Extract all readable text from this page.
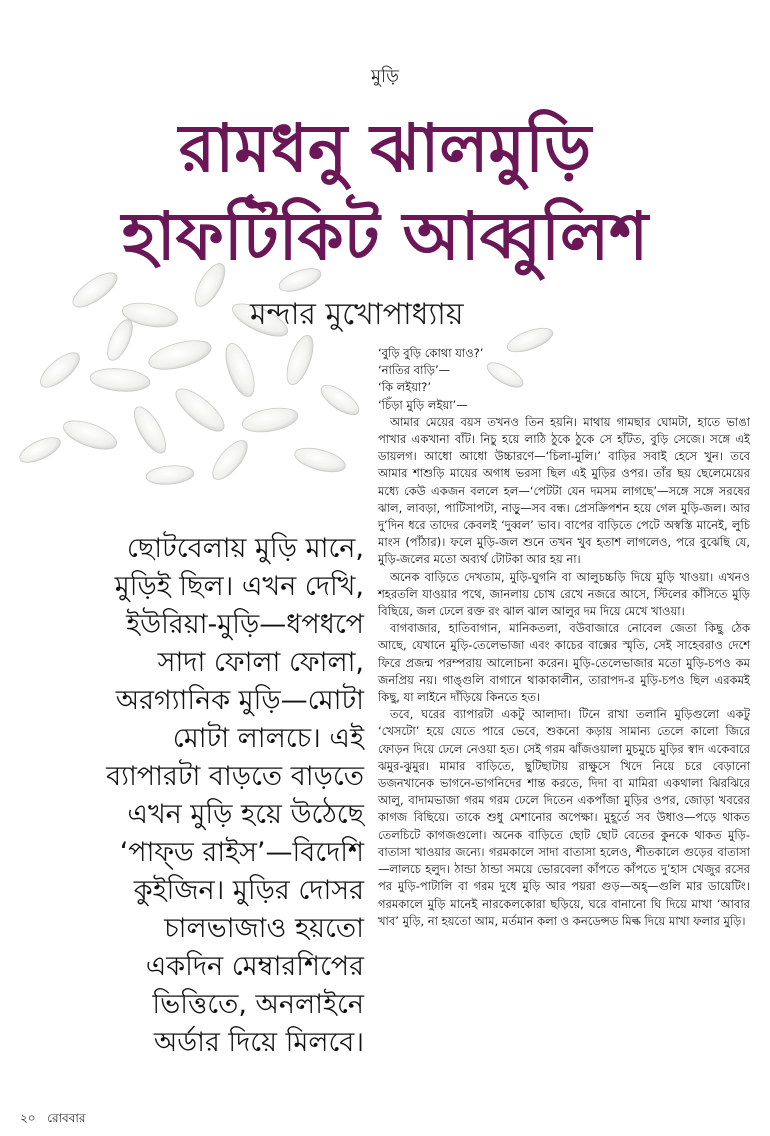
মুড়ি
রামধনু ঝালমুড়ি
হাফটিকিট আব্বুলিশ
মন্দার মুখোপাধ্যায়

ছোটবেলায় মুড়ি মানে,

মুড়িই ছিল। এখন দেখি,

ইউরিয়া-মুড়ি—ধপধপে

সাদা ফোলা ফোলা,

অরগ্যানিক মুড়ি—মোটা

মোটা লালচে। এই

ব্যাপারটা বাড়তে বাড়তে

এখন মুড়ি হয়ে উঠেছে

‘পাফ্ড রাইস’—বিদেশি

কুইজিন। মুড়ির দোসর

চালভাজাও হয়তো

একদিন মেম্বারশিপের

ভিত্তিতে, অনলাইনে

অর্ডার দিয়ে মিলবে।

‘বুড়ি বুড়ি কোথা যাও?’

‘নাতির বাড়ি’—

‘কি লইয়া?’

‘চিঁড়া মুড়ি লইয়া’—

আমার মেয়ের বয়স তখনও তিন হয়নি। মাথায় গামছার ঘোমটা, হাতে ভাঙা পাখার একখানা বাঁট। নিচু হয়ে লাঠি ঠুকে ঠুকে সে হাঁটত, বুড়ি সেজে। সঙ্গে এই ডায়লগ। আধো আধো উচ্চারণে—‘চিলা-মুলি।’ বাড়ির সবাই হেসে খুন। তবে আমার শাশুড়ি মায়ের অগাধ ভরসা ছিল এই মুড়ির ওপর। তাঁর ছয় ছেলেমেয়ের মধ্যে কেউ একজন বললে হল—‘পেটটা যেন দমসম লাগছে’—সঙ্গে সঙ্গে সরষের ঝাল, লাবড়া, পাটিসাপটা, নাড়ু—সব বন্ধ। প্রেসক্রিপশন হয়ে গেল মুড়ি-জল। আর দু’দিন ধরে তাদের কেবলই ‘দুব্বল’ ভাব। বাপের বাড়িতে পেটে অস্বস্তি মানেই, লুচি মাংস (পাঁঠার)। ফলে মুড়ি-জল শুনে তখন খুব হতাশ লাগলেও, পরে বুঝেছি যে, মুড়ি-জলের মতো অব্যর্থ টোটকা আর হয় না।

অনেক বাড়িতে দেখতাম, মুড়ি-ঘুগনি বা আলুচচ্চড়ি দিয়ে মুড়ি খাওয়া। এখনও শহরতলি যাওয়ার পথে, জানলায় চোখ রেখে নজরে আসে, স্টিলের কাঁসিতে মুড়ি বিছিয়ে, জল ঢেলে রক্ত রং ঝাল ঝাল আলুর দম দিয়ে মেখে খাওয়া।

বাগবাজার, হাতিবাগান, মানিকতলা, বউবাজারে নোবেল জেতা কিছু ঠেক আছে, যেখানে মুড়ি-তেলেভাজা এবং কাচের বাক্সের স্মৃতি, সেই সাহেবরাও দেশে ফিরে প্রজন্ম পরম্পরায় আলোচনা করেন। মুড়ি-তেলেভাজার মতো মুড়ি-চপও কম জনপ্রিয় নয়। গাঙ্গুলি বাগানে থাকাকালীন, তারাপদ-র মুড়ি-চপও ছিল এরকমই কিছু, যা লাইনে দাঁড়িয়ে কিনতে হত।

তবে, ঘরের ব্যাপারটা একটু আলাদা। টিনে রাখা তলানি মুড়িগুলো একটু ‘খেসটো’ হয়ে যেতে পারে ভেবে, শুকনো কড়ায় সামান্য তেলে কালো জিরে ফোড়ন দিয়ে ঢেলে নেওয়া হত। সেই গরম ঝাঁজওয়ালা মুচমুচে মুড়ির স্বাদ একেবারে ঝমুর-ঝুমুর। মামার বাড়িতে, ছুটিছাটায় রাক্ষুসে খিদে নিয়ে চরে বেড়ানো ডজনখানেক ভাগনে-ভাগনিদের শান্ত করতে, দিদা বা মামিরা একথালা ঝিরঝিরে আলু, বাদামভাজা গরম গরম ঢেলে দিতেন একপাঁজা মুড়ির ওপর, জোড়া খবরের কাগজ বিছিয়ে। তাকে শুধু মেশানোর অপেক্ষা। মুহূর্তে সব উধাও—পড়ে থাকত তেলচিটে কাগজগুলো। অনেক বাড়িতে ছোট ছোট বেতের কুনকে থাকত মুড়ি-বাতাসা খাওয়ার জন্যে। গরমকালে সাদা বাতাসা হলেও, শীতকালে গুড়ের বাতাসা—লালচে হলুদ। ঠান্ডা ঠান্ডা সময়ে ভোরবেলা কাঁপতে কাঁপতে দু’হাস খেজুর রসের পর মুড়ি-পাটালি বা গরম দুধে মুড়ি আর পয়রা গুড়—অহ্—গুলি মার ডায়েটিং। গরমকালে মুড়ি মানেই নারকেলকোরা ছড়িয়ে, ঘরে বানানো ঘি দিয়ে মাখা ‘আবার খাব’ মুড়ি, না হয়তো আম, মর্তমান কলা ও কনডেন্সড মিল্ক দিয়ে মাখা ফলার মুড়ি।

২০ রোববার
